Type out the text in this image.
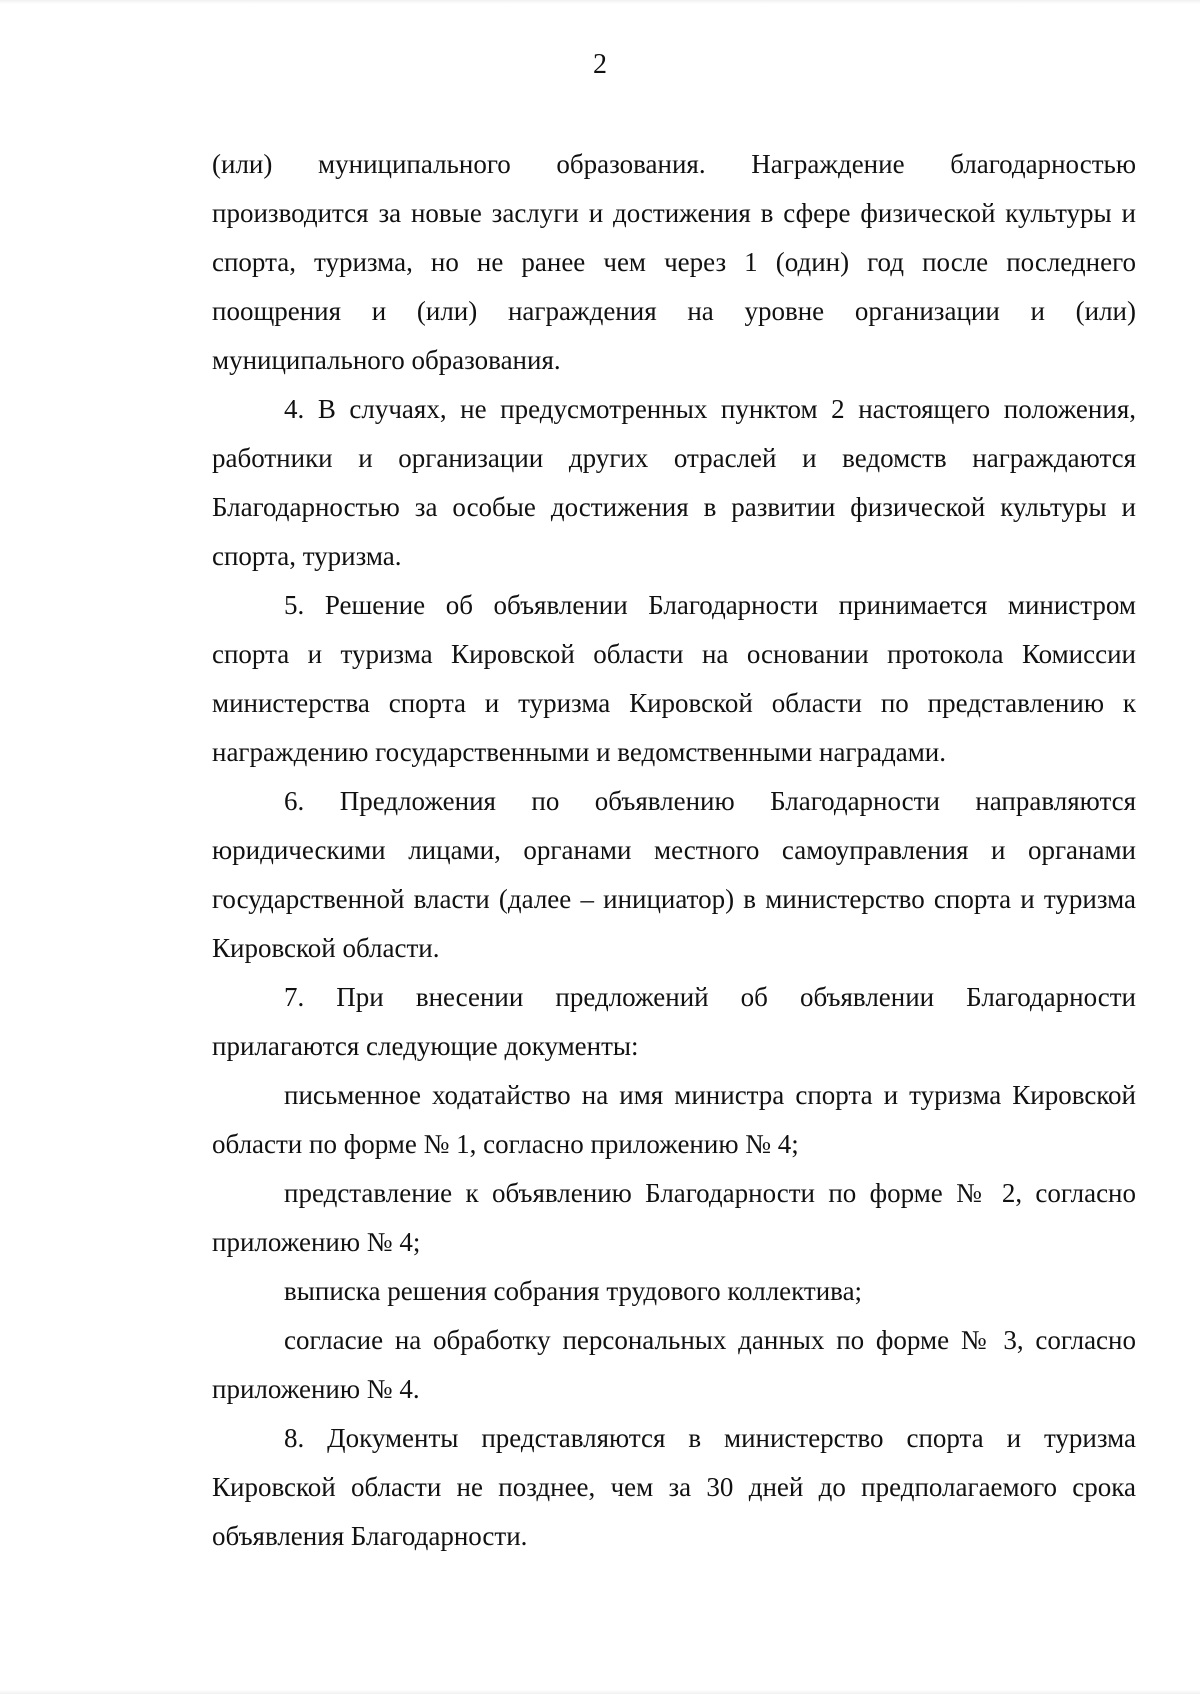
2

(или) муниципального образования. Награждение благодарностью производится за новые заслуги и достижения в сфере физической культуры и спорта, туризма, но не ранее чем через 1 (один) год после последнего поощрения и (или) награждения на уровне организации и (или) муниципального образования.

4. В случаях, не предусмотренных пунктом 2 настоящего положения, работники и организации других отраслей и ведомств награждаются Благодарностью за особые достижения в развитии физической культуры и спорта, туризма.

5. Решение об объявлении Благодарности принимается министром спорта и туризма Кировской области на основании протокола Комиссии министерства спорта и туризма Кировской области по представлению к награждению государственными и ведомственными наградами.

6. Предложения по объявлению Благодарности направляются юридическими лицами, органами местного самоуправления и органами государственной власти (далее – инициатор) в министерство спорта и туризма Кировской области.

7. При внесении предложений об объявлении Благодарности прилагаются следующие документы:

письменное ходатайство на имя министра спорта и туризма Кировской области по форме № 1, согласно приложению № 4;

представление к объявлению Благодарности по форме № 2, согласно приложению № 4;

выписка решения собрания трудового коллектива;

согласие на обработку персональных данных по форме № 3, согласно приложению № 4.

8. Документы представляются в министерство спорта и туризма Кировской области не позднее, чем за 30 дней до предполагаемого срока объявления Благодарности.
